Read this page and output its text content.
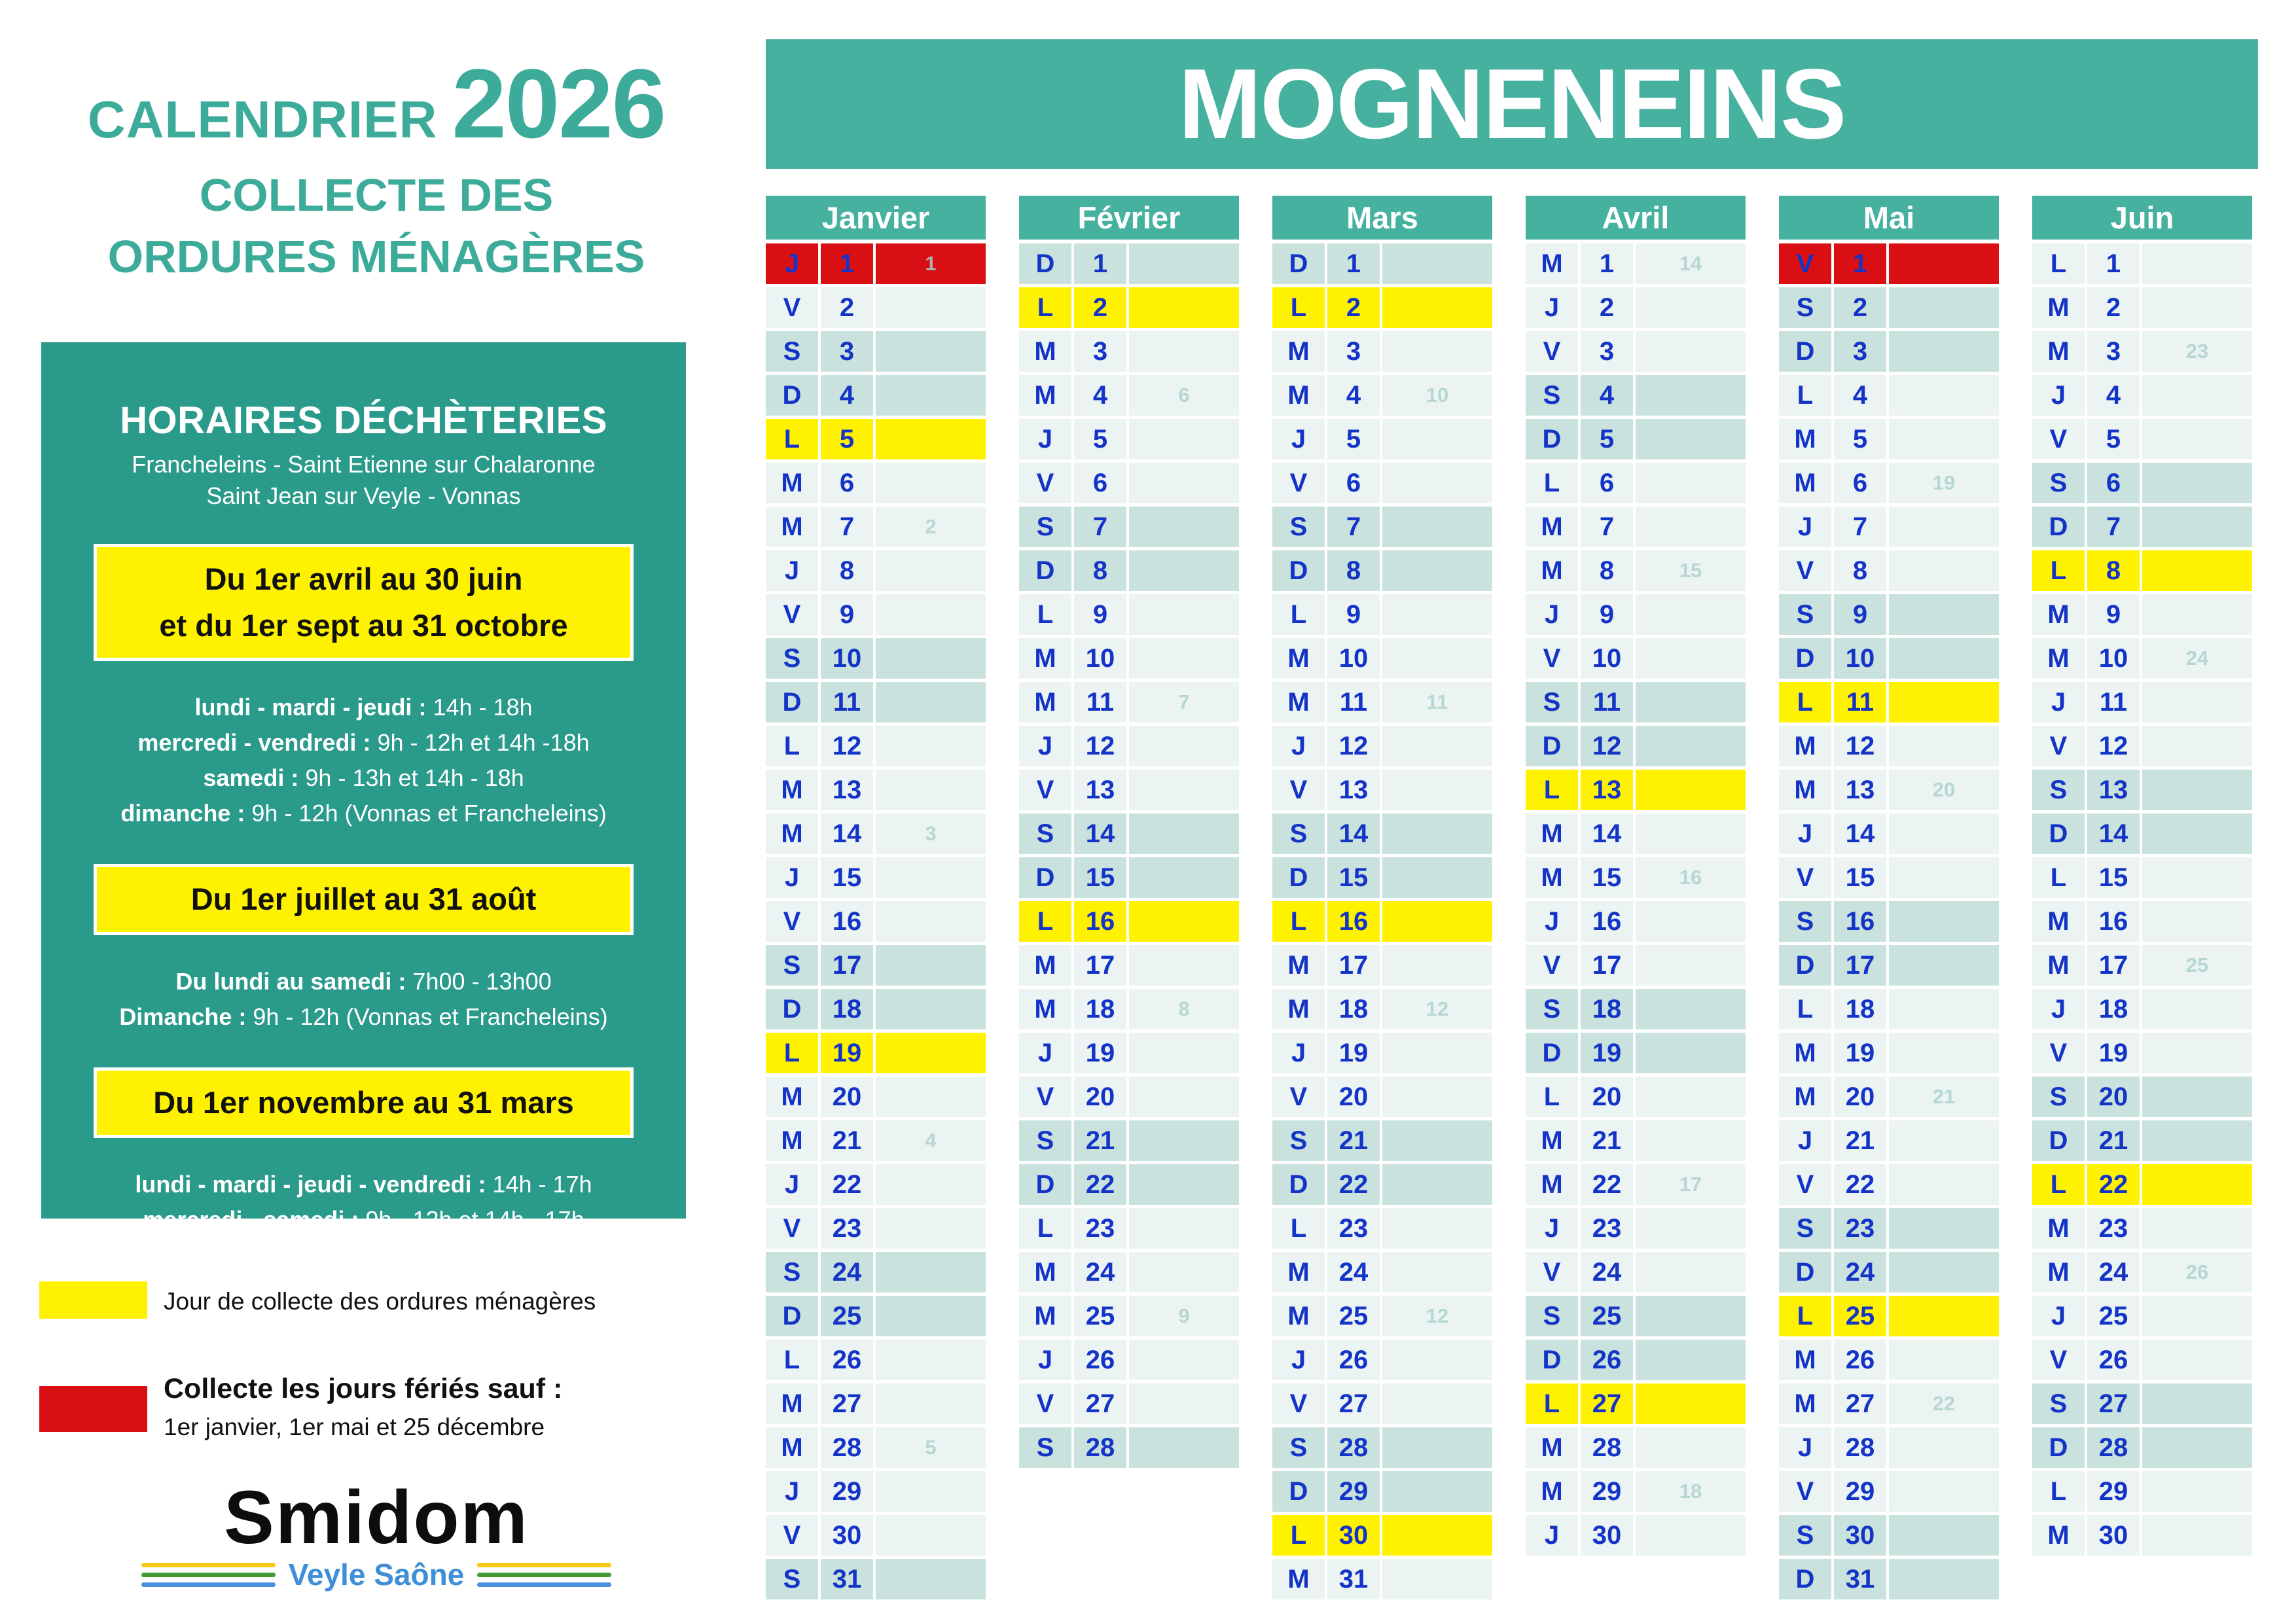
CALENDRIER 2026
COLLECTE DES
ORDURES MÉNAGÈRES
HORAIRES DÉCHÈTERIES
Francheleins - Saint Etienne sur Chalaronne
Saint Jean sur Veyle - Vonnas
Du 1er avril au 30 juin
et du 1er sept au 31 octobre
lundi - mardi - jeudi : 14h - 18h
mercredi - vendredi : 9h - 12h et 14h -18h
samedi : 9h - 13h et 14h - 18h
dimanche : 9h - 12h (Vonnas et Francheleins)
Du 1er juillet au 31 août
Du lundi au samedi : 7h00 - 13h00
Dimanche : 9h - 12h (Vonnas et Francheleins)
Du 1er novembre au 31 mars
lundi - mardi - jeudi - vendredi : 14h - 17h
mercredi - samedi : 9h - 12h et 14h - 17h
Jour de collecte des ordures ménagères
Collecte les jours fériés sauf :
1er janvier, 1er mai et 25 décembre
Smidom
Veyle Saône
MOGNENEINS
Janvier
J 1	1
V 2
S 3
D 4
L 5
M 6
M 7	2
J 8
V 9
S 10
D 11
L 12
M 13
M 14	3
J 15
V 16
S 17
D 18
L 19
M 20
M 21	4
J 22
V 23
S 24
D 25
L 26
M 27
M 28	5
J 29
V 30
S 31
Février
D 1
L 2
M 3
M 4	6
J 5
V 6
S 7
D 8
L 9
M 10
M 11	7
J 12
V 13
S 14
D 15
L 16
M 17
M 18	8
J 19
V 20
S 21
D 22
L 23
M 24
M 25	9
J 26
V 27
S 28
Mars
D 1
L 2
M 3
M 4	10
J 5
V 6
S 7
D 8
L 9
M 10
M 11	11
J 12
V 13
S 14
D 15
L 16
M 17
M 18	12
J 19
V 20
S 21
D 22
L 23
M 24
M 25	12
J 26
V 27
S 28
D 29
L 30
M 31
Avril
M 1	14
J 2
V 3
S 4
D 5
L 6
M 7
M 8	15
J 9
V 10
S 11
D 12
L 13
M 14
M 15	16
J 16
V 17
S 18
D 19
L 20
M 21
M 22	17
J 23
V 24
S 25
D 26
L 27
M 28
M 29	18
J 30
Mai
V 1
S 2
D 3
L 4
M 5
M 6	19
J 7
V 8
S 9
D 10
L 11
M 12
M 13	20
J 14
V 15
S 16
D 17
L 18
M 19
M 20	21
J 21
V 22
S 23
D 24
L 25
M 26
M 27	22
J 28
V 29
S 30
D 31
Juin
L 1
M 2
M 3	23
J 4
V 5
S 6
D 7
L 8
M 9
M 10	24
J 11
V 12
S 13
D 14
L 15
M 16
M 17	25
J 18
V 19
S 20
D 21
L 22
M 23
M 24	26
J 25
V 26
S 27
D 28
L 29
M 30
